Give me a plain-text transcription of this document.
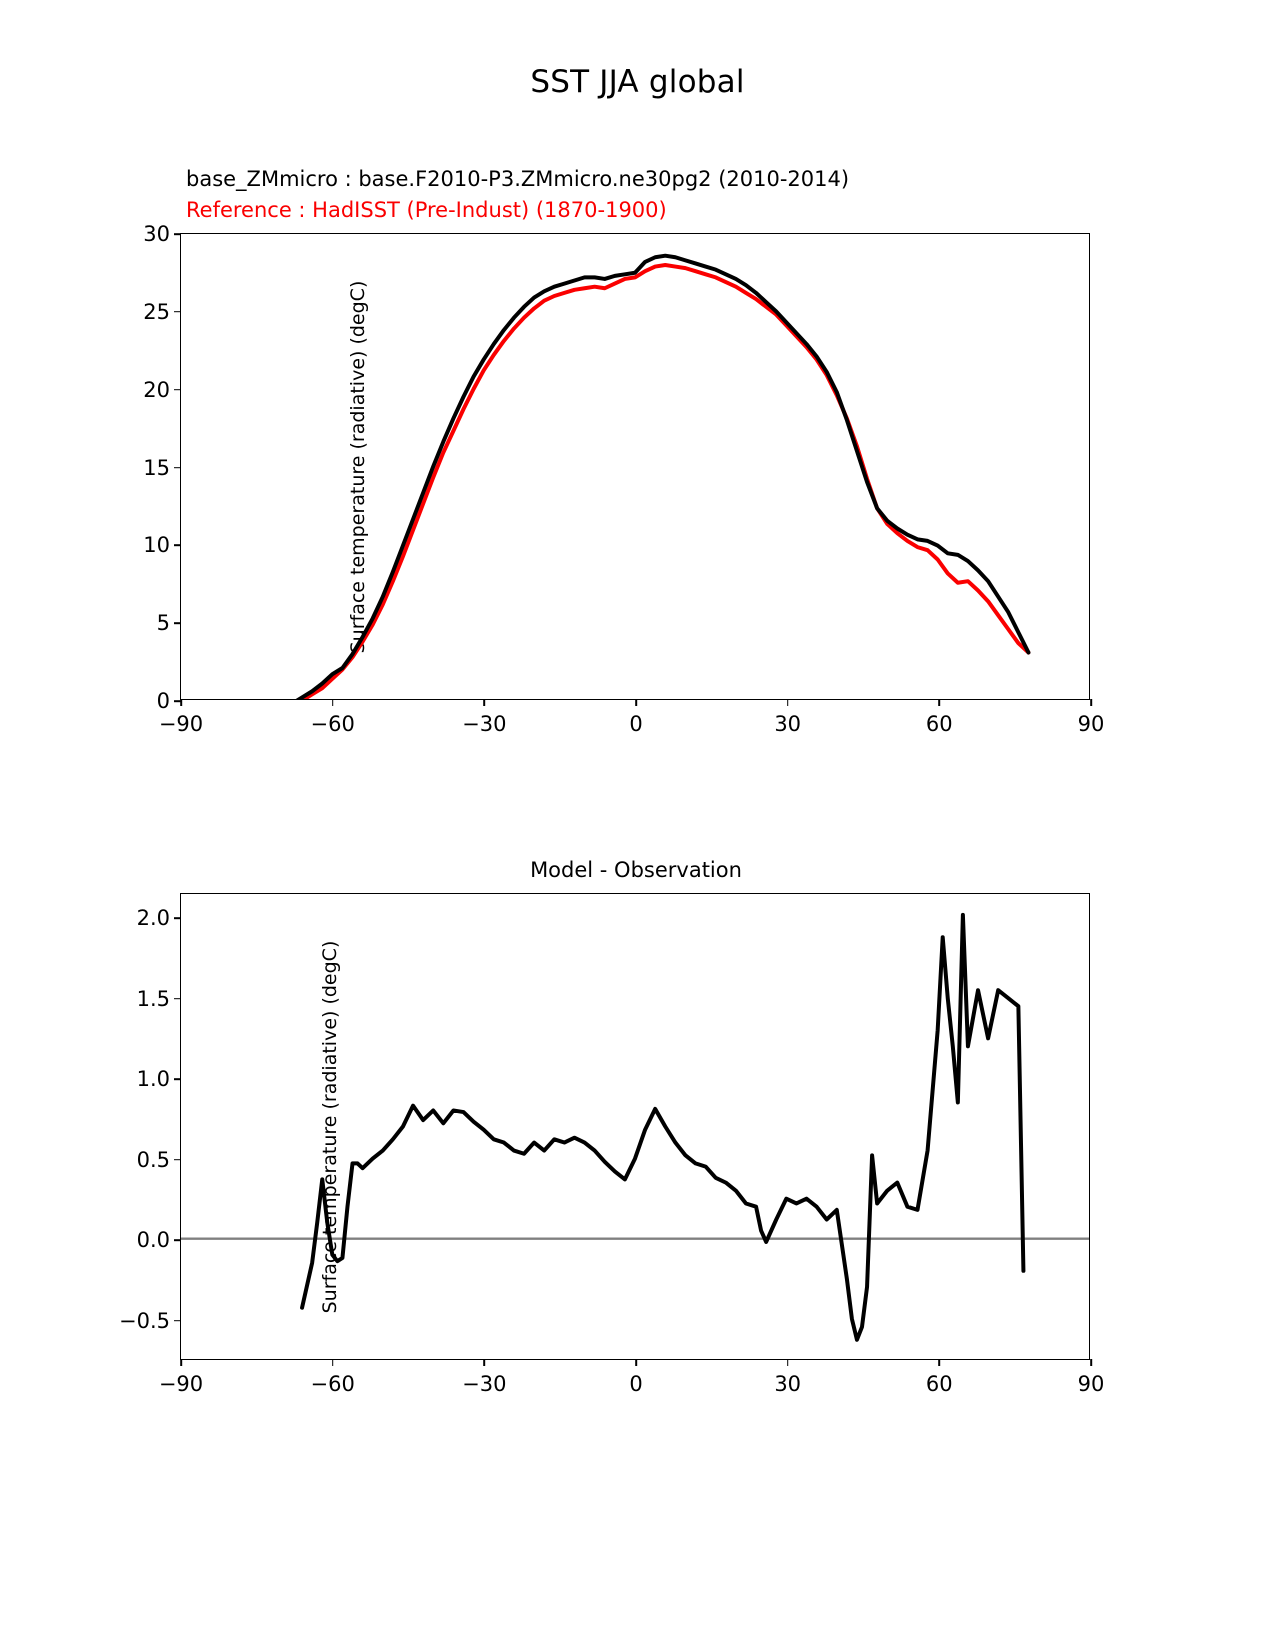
SST JJA global
base_ZMmicro : base.F2010-P3.ZMmicro.ne30pg2 (2010-2014)
Reference : HadISST (Pre-Indust) (1870-1900)
Surface temperature (radiative) (degC)
0
5
10
15
20
25
30
−90	−60	−30	0	30	60	90
Model - Observation
Surface temperature (radiative) (degC)
−0.5
0.0
0.5
1.0
1.5
2.0
−90	−60	−30	0	30	60	90
